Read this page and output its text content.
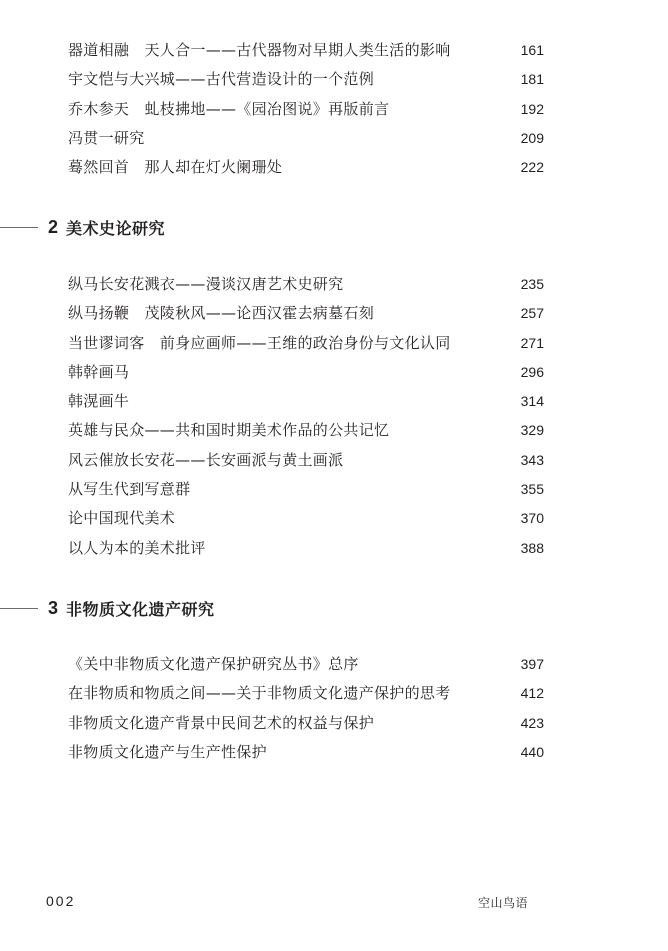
器道相融　天人合一——古代器物对早期人类生活的影响	161
宇文恺与大兴城——古代营造设计的一个范例	181
乔木参天　虬枝拂地——《园冶图说》再版前言	192
冯贯一研究	209
蓦然回首　那人却在灯火阑珊处	222
2 美术史论研究
纵马长安花溅衣——漫谈汉唐艺术史研究	235
纵马扬鞭　茂陵秋风——论西汉霍去病墓石刻	257
当世谬词客　前身应画师——王维的政治身份与文化认同	271
韩幹画马	296
韩滉画牛	314
英雄与民众——共和国时期美术作品的公共记忆	329
风云催放长安花——长安画派与黄土画派	343
从写生代到写意群	355
论中国现代美术	370
以人为本的美术批评	388
3 非物质文化遗产研究
《关中非物质文化遗产保护研究丛书》总序	397
在非物质和物质之间——关于非物质文化遗产保护的思考	412
非物质文化遗产背景中民间艺术的权益与保护	423
非物质文化遗产与生产性保护	440
002	空山鸟语
